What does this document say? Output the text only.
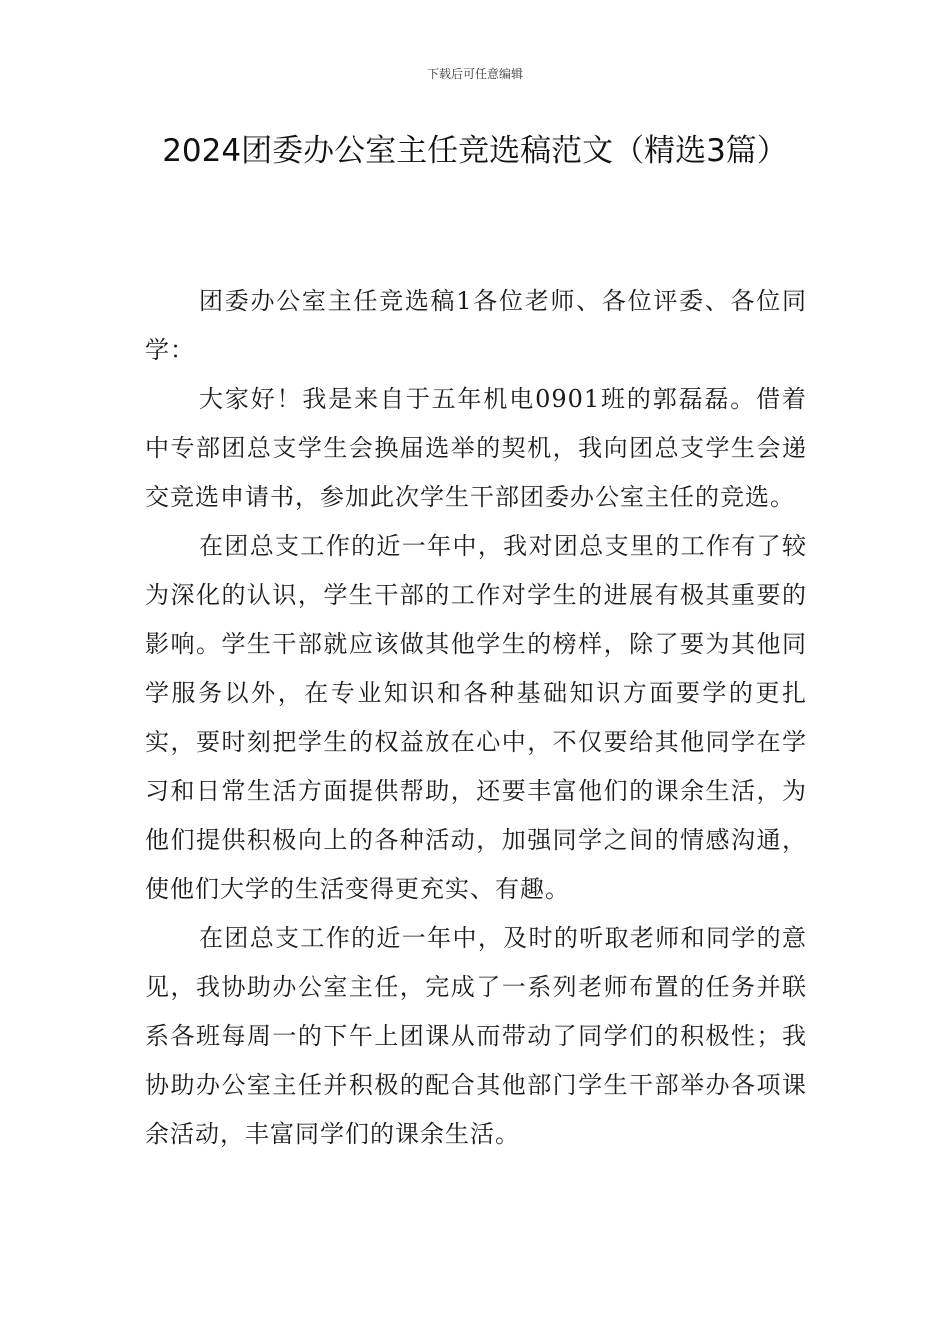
下载后可任意编辑
2024团委办公室主任竞选稿范文（精选3篇）

团委办公室主任竞选稿1各位老师、各位评委、各位同学：

大家好！我是来自于五年机电0901班的郭磊磊。借着中专部团总支学生会换届选举的契机，我向团总支学生会递交竞选申请书，参加此次学生干部团委办公室主任的竞选。

在团总支工作的近一年中，我对团总支里的工作有了较为深化的认识，学生干部的工作对学生的进展有极其重要的影响。学生干部就应该做其他学生的榜样，除了要为其他同学服务以外，在专业知识和各种基础知识方面要学的更扎实，要时刻把学生的权益放在心中，不仅要给其他同学在学习和日常生活方面提供帮助，还要丰富他们的课余生活，为他们提供积极向上的各种活动，加强同学之间的情感沟通，使他们大学的生活变得更充实、有趣。

在团总支工作的近一年中，及时的听取老师和同学的意见，我协助办公室主任，完成了一系列老师布置的任务并联系各班每周一的下午上团课从而带动了同学们的积极性；我协助办公室主任并积极的配合其他部门学生干部举办各项课余活动，丰富同学们的课余生活。
